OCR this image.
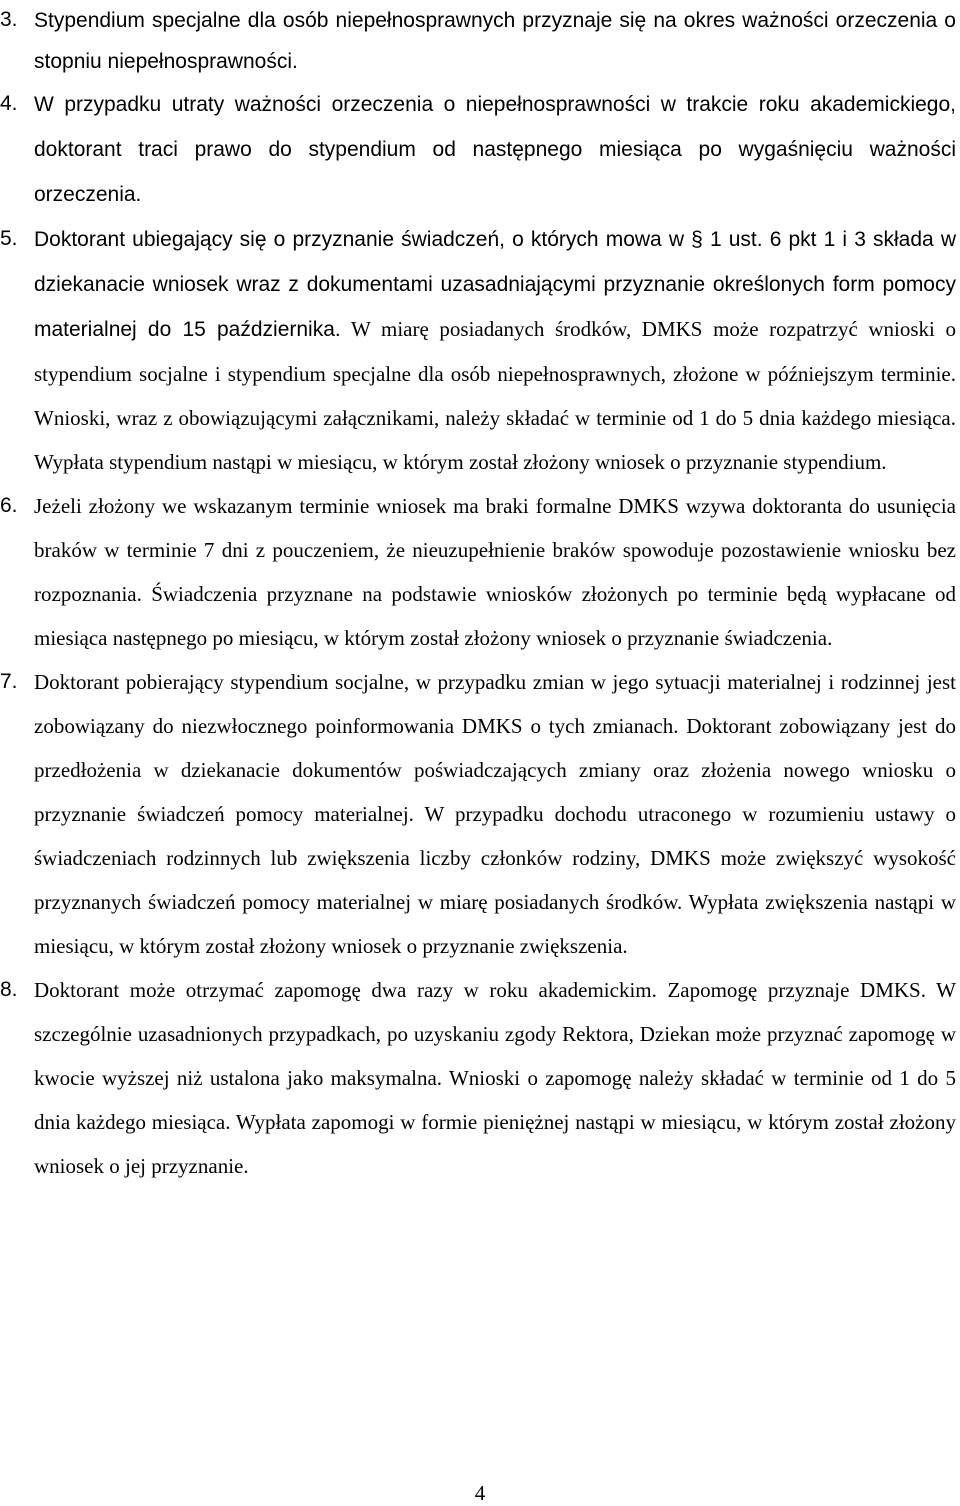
3. Stypendium specjalne dla osób niepełnosprawnych przyznaje się na okres ważności orzeczenia o stopniu niepełnosprawności.

4. W przypadku utraty ważności orzeczenia o niepełnosprawności w trakcie roku akademickiego, doktorant traci prawo do stypendium od następnego miesiąca po wygaśnięciu ważności orzeczenia.

5. Doktorant ubiegający się o przyznanie świadczeń, o których mowa w § 1 ust. 6 pkt 1 i 3 składa w dziekanacie wniosek wraz z dokumentami uzasadniającymi przyznanie określonych form pomocy materialnej do 15 października. W miarę posiadanych środków, DMKS może rozpatrzyć wnioski o stypendium socjalne i stypendium specjalne dla osób niepełnosprawnych, złożone w późniejszym terminie. Wnioski, wraz z obowiązującymi załącznikami, należy składać w terminie od 1 do 5 dnia każdego miesiąca. Wypłata stypendium nastąpi w miesiącu, w którym został złożony wniosek o przyznanie stypendium.

6. Jeżeli złożony we wskazanym terminie wniosek ma braki formalne DMKS wzywa doktoranta do usunięcia braków w terminie 7 dni z pouczeniem, że nieuzupełnienie braków spowoduje pozostawienie wniosku bez rozpoznania. Świadczenia przyznane na podstawie wniosków złożonych po terminie będą wypłacane od miesiąca następnego po miesiącu, w którym został złożony wniosek o przyznanie świadczenia.

7. Doktorant pobierający stypendium socjalne, w przypadku zmian w jego sytuacji materialnej i rodzinnej jest zobowiązany do niezwłocznego poinformowania DMKS o tych zmianach. Doktorant zobowiązany jest do przedłożenia w dziekanacie dokumentów poświadczających zmiany oraz złożenia nowego wniosku o przyznanie świadczeń pomocy materialnej. W przypadku dochodu utraconego w rozumieniu ustawy o świadczeniach rodzinnych lub zwiększenia liczby członków rodziny, DMKS może zwiększyć wysokość przyznanych świadczeń pomocy materialnej w miarę posiadanych środków. Wypłata zwiększenia nastąpi w miesiącu, w którym został złożony wniosek o przyznanie zwiększenia.

8. Doktorant może otrzymać zapomogę dwa razy w roku akademickim. Zapomogę przyznaje DMKS. W szczególnie uzasadnionych przypadkach, po uzyskaniu zgody Rektora, Dziekan może przyznać zapomogę w kwocie wyższej niż ustalona jako maksymalna. Wnioski o zapomogę należy składać w terminie od 1 do 5 dnia każdego miesiąca. Wypłata zapomogi w formie pieniężnej nastąpi w miesiącu, w którym został złożony wniosek o jej przyznanie.

4
